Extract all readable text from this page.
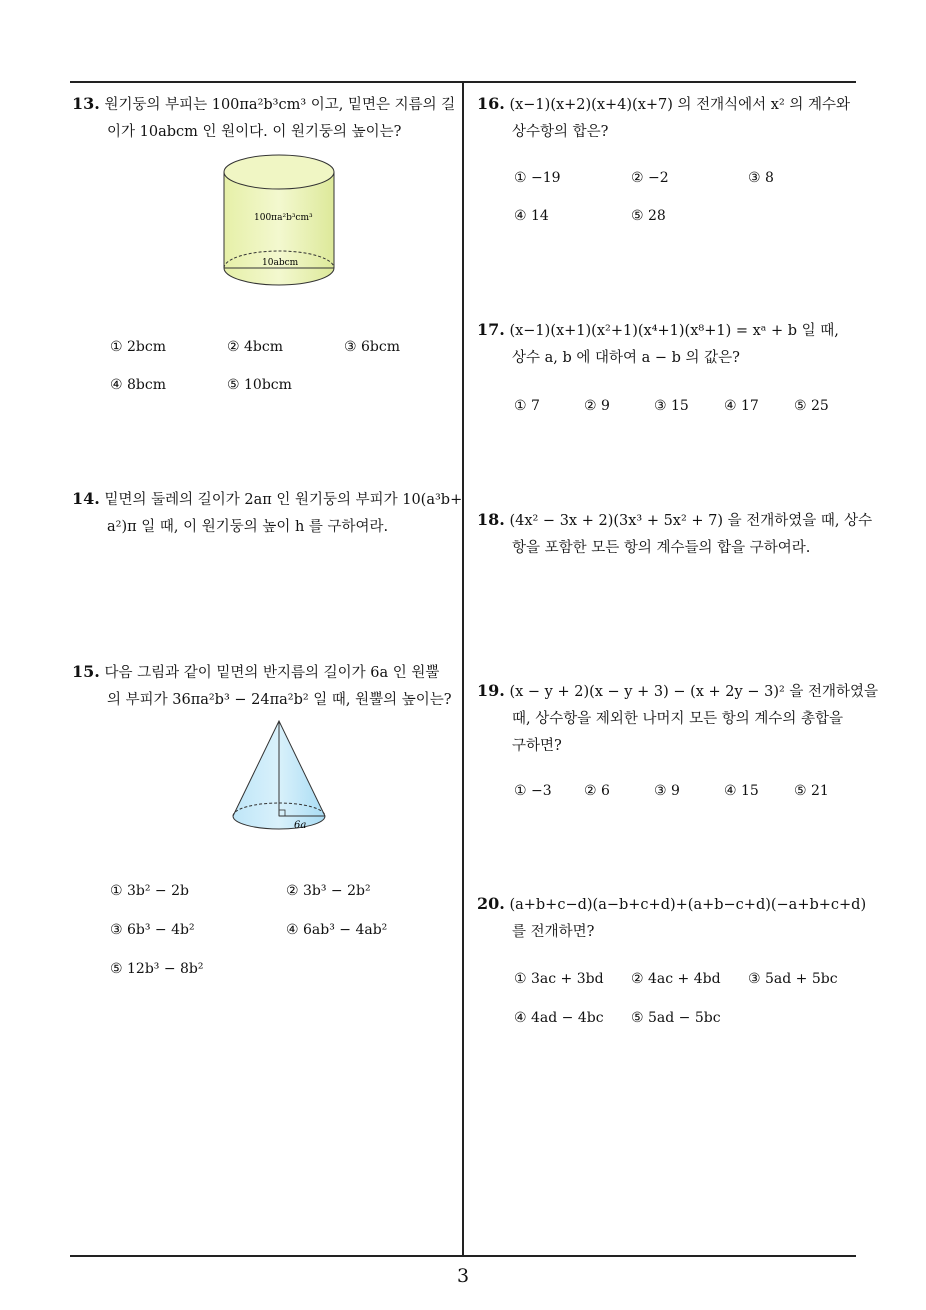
13. 원기둥의 부피는 100πa²b³cm³ 이고, 밑면은 지름의 길
이가 10abcm 인 원이다. 이 원기둥의 높이는?
100πa²b³cm³
10abcm
① 2bcm	② 4bcm	③ 6bcm
④ 8bcm	⑤ 10bcm
14. 밑면의 둘레의 길이가 2aπ 인 원기둥의 부피가 10(a³b+
a²)π 일 때, 이 원기둥의 높이 h 를 구하여라.
15. 다음 그림과 같이 밑면의 반지름의 길이가 6a 인 원뿔
의 부피가 36πa²b³ − 24πa²b² 일 때, 원뿔의 높이는?
6a
① 3b² − 2b	② 3b³ − 2b²
③ 6b³ − 4b²	④ 6ab³ − 4ab²
⑤ 12b³ − 8b²
16. (x−1)(x+2)(x+4)(x+7) 의 전개식에서 x² 의 계수와
상수항의 합은?
① −19	② −2	③ 8
④ 14	⑤ 28
17. (x−1)(x+1)(x²+1)(x⁴+1)(x⁸+1) = xᵃ + b 일 때,
상수 a, b 에 대하여 a − b 의 값은?
① 7	② 9	③ 15	④ 17	⑤ 25
18. (4x² − 3x + 2)(3x³ + 5x² + 7) 을 전개하였을 때, 상수
항을 포함한 모든 항의 계수들의 합을 구하여라.
19. (x − y + 2)(x − y + 3) − (x + 2y − 3)² 을 전개하였을
때, 상수항을 제외한 나머지 모든 항의 계수의 총합을
구하면?
① −3 ② 6	③ 9	④ 15	⑤ 21
20. (a+b+c−d)(a−b+c+d)+(a+b−c+d)(−a+b+c+d)
를 전개하면?
① 3ac + 3bd ② 4ac + 4bd ③ 5ad + 5bc
④ 4ad − 4bc ⑤ 5ad − 5bc
3
